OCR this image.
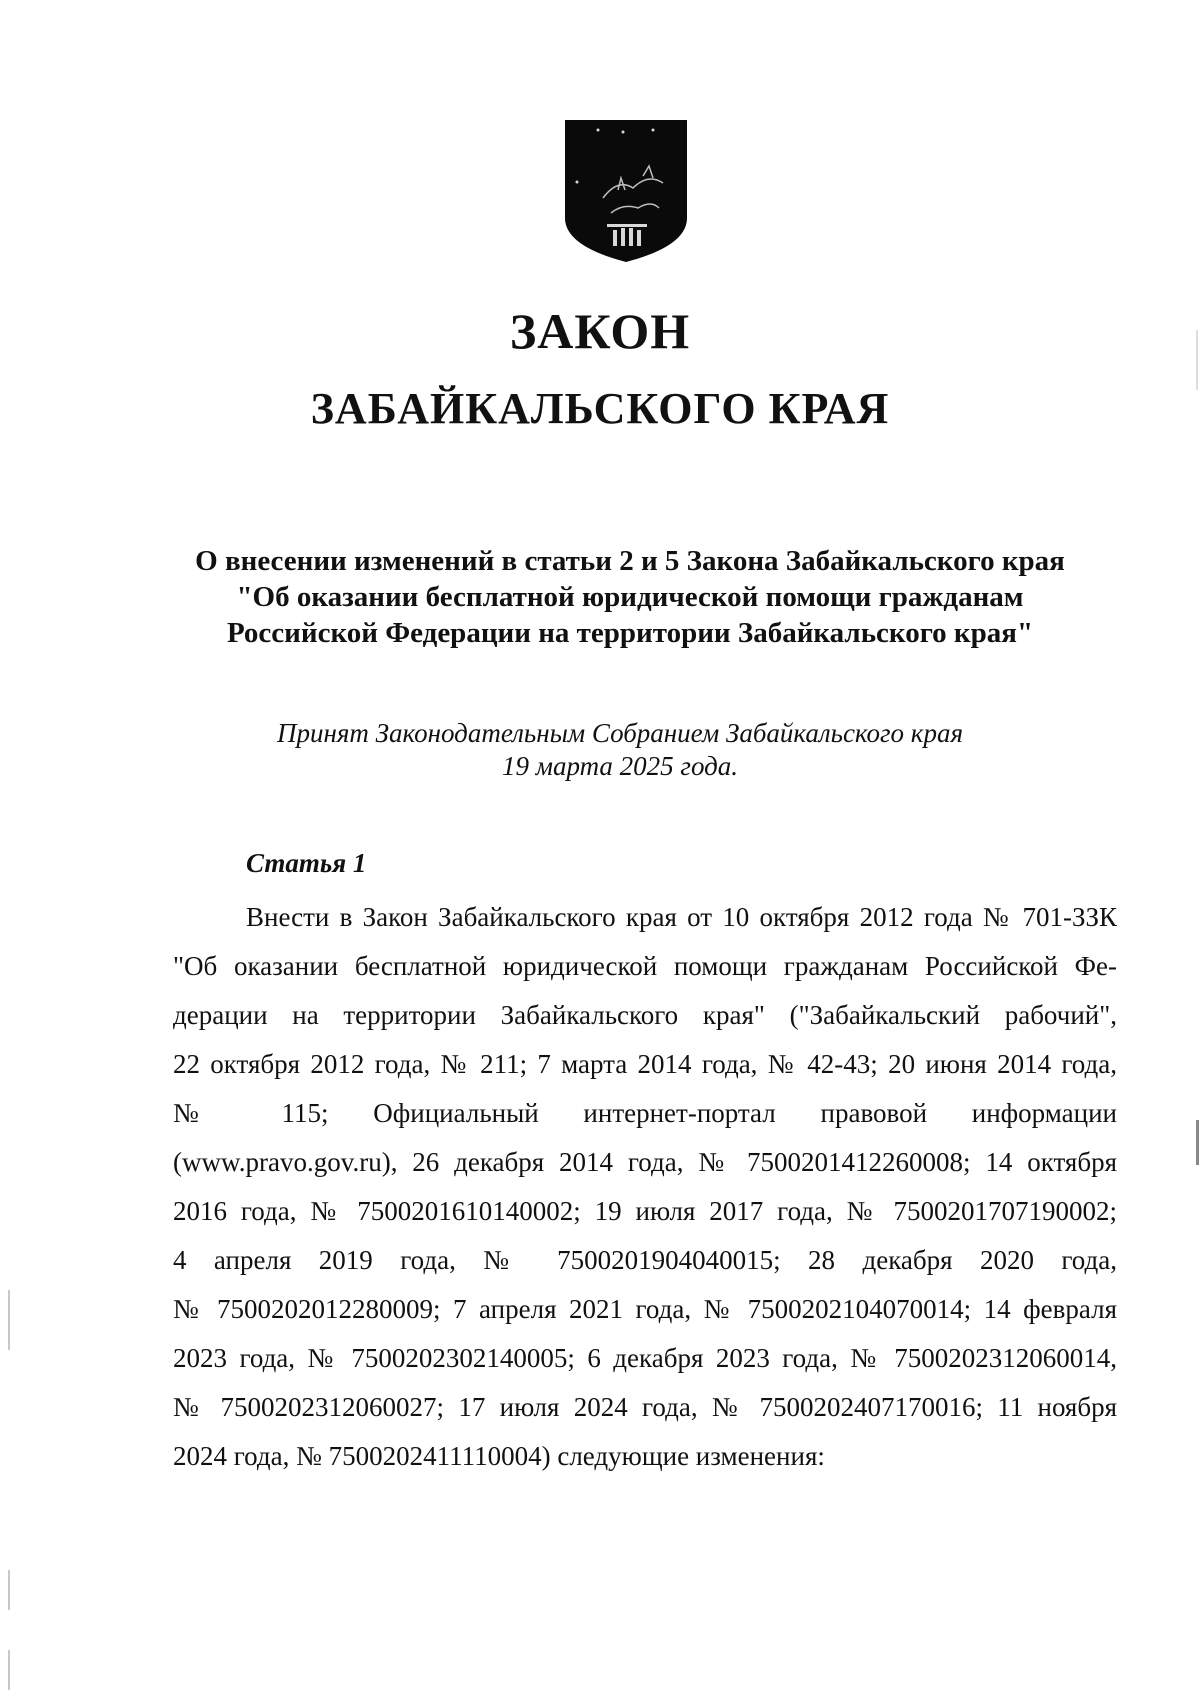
ЗАКОН
ЗАБАЙКАЛЬСКОГО КРАЯ
О внесении изменений в статьи 2 и 5 Закона Забайкальского края
"Об оказании бесплатной юридической помощи гражданам
Российской Федерации на территории Забайкальского края"
Принят Законодательным Собранием Забайкальского края
19 марта 2025 года.
Статья 1
Внести в Закон Забайкальского края от 10 октября 2012 года № 701-ЗЗК
"Об оказании бесплатной юридической помощи гражданам Российской Фе-
дерации на территории Забайкальского края" ("Забайкальский рабочий",
22 октября 2012 года, № 211; 7 марта 2014 года, № 42-43; 20 июня 2014 года,
№ 115; Официальный интернет-портал правовой информации
(www.pravo.gov.ru), 26 декабря 2014 года, № 7500201412260008; 14 октября
2016 года, № 7500201610140002; 19 июля 2017 года, № 7500201707190002;
4 апреля 2019 года, № 7500201904040015; 28 декабря 2020 года,
№ 7500202012280009; 7 апреля 2021 года, № 7500202104070014; 14 февраля
2023 года, № 7500202302140005; 6 декабря 2023 года, № 7500202312060014,
№ 7500202312060027; 17 июля 2024 года, № 7500202407170016; 11 ноября
2024 года, № 7500202411110004) следующие изменения:
